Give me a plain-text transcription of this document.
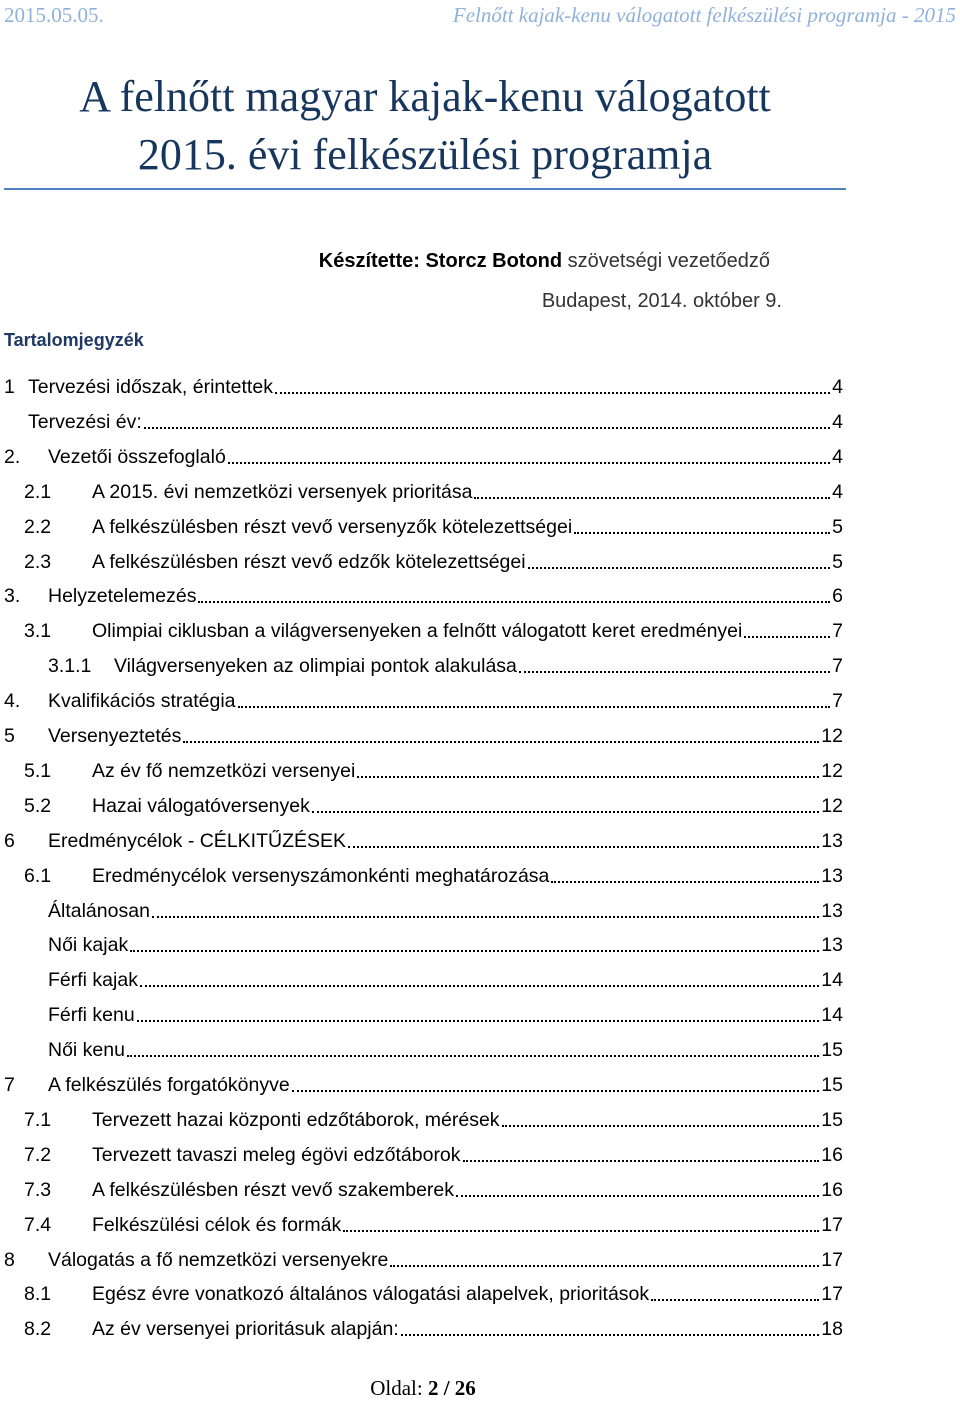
2015.05.05.	Felnőtt kajak-kenu válogatott felkészülési programja - 2015
A felnőtt magyar kajak-kenu válogatott
2015. évi felkészülési programja
Készítette: Storcz Botond szövetségi vezetőedző
Budapest, 2014. október 9.
Tartalomjegyzék
1 Tervezési időszak, érintettek	4
Tervezési év:	4
2. Vezetői összefoglaló	4
2.1 A 2015. évi nemzetközi versenyek prioritása	4
2.2 A felkészülésben részt vevő versenyzők kötelezettségei	5
2.3 A felkészülésben részt vevő edzők kötelezettségei	5
3. Helyzetelemezés	6
3.1 Olimpiai ciklusban a világversenyeken a felnőtt válogatott keret eredményei	7
3.1.1 Világversenyeken az olimpiai pontok alakulása	7
4. Kvalifikációs stratégia	7
5 Versenyeztetés	12
5.1 Az év fő nemzetközi versenyei	12
5.2 Hazai válogatóversenyek	12
6 Eredménycélok - CÉLKITŰZÉSEK	13
6.1 Eredménycélok versenyszámonkénti meghatározása	13
Általánosan	13
Női kajak	13
Férfi kajak	14
Férfi kenu	14
Női kenu	15
7 A felkészülés forgatókönyve	15
7.1 Tervezett hazai központi edzőtáborok, mérések	15
7.2 Tervezett tavaszi meleg égövi edzőtáborok	16
7.3 A felkészülésben részt vevő szakemberek	16
7.4 Felkészülési célok és formák	17
8 Válogatás a fő nemzetközi versenyekre	17
8.1 Egész évre vonatkozó általános válogatási alapelvek, prioritások	17
8.2 Az év versenyei prioritásuk alapján:	18
Oldal: 2 / 26
